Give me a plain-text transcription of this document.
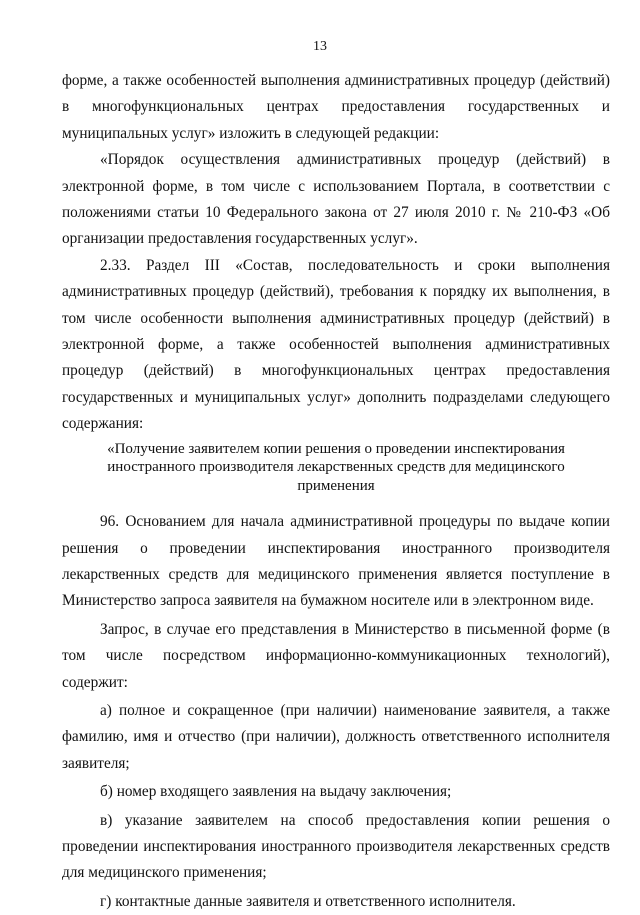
13

форме, а также особенностей выполнения административных процедур (действий) в многофункциональных центрах предоставления государственных и муниципальных услуг» изложить в следующей редакции:

«Порядок осуществления административных процедур (действий) в электронной форме, в том числе с использованием Портала, в соответствии с положениями статьи 10 Федерального закона от 27 июля 2010 г. № 210-ФЗ «Об организации предоставления государственных услуг».

2.33. Раздел III «Состав, последовательность и сроки выполнения административных процедур (действий), требования к порядку их выполнения, в том числе особенности выполнения административных процедур (действий) в электронной форме, а также особенностей выполнения административных процедур (действий) в многофункциональных центрах предоставления государственных и муниципальных услуг» дополнить подразделами следующего содержания:

«Получение заявителем копии решения о проведении инспектирования иностранного производителя лекарственных средств для медицинского применения

96. Основанием для начала административной процедуры по выдаче копии решения о проведении инспектирования иностранного производителя лекарственных средств для медицинского применения является поступление в Министерство запроса заявителя на бумажном носителе или в электронном виде.

Запрос, в случае его представления в Министерство в письменной форме (в том числе посредством информационно-коммуникационных технологий), содержит:

а) полное и сокращенное (при наличии) наименование заявителя, а также фамилию, имя и отчество (при наличии), должность ответственного исполнителя заявителя;

б) номер входящего заявления на выдачу заключения;

в) указание заявителем на способ предоставления копии решения о проведении инспектирования иностранного производителя лекарственных средств для медицинского применения;

г) контактные данные заявителя и ответственного исполнителя.
